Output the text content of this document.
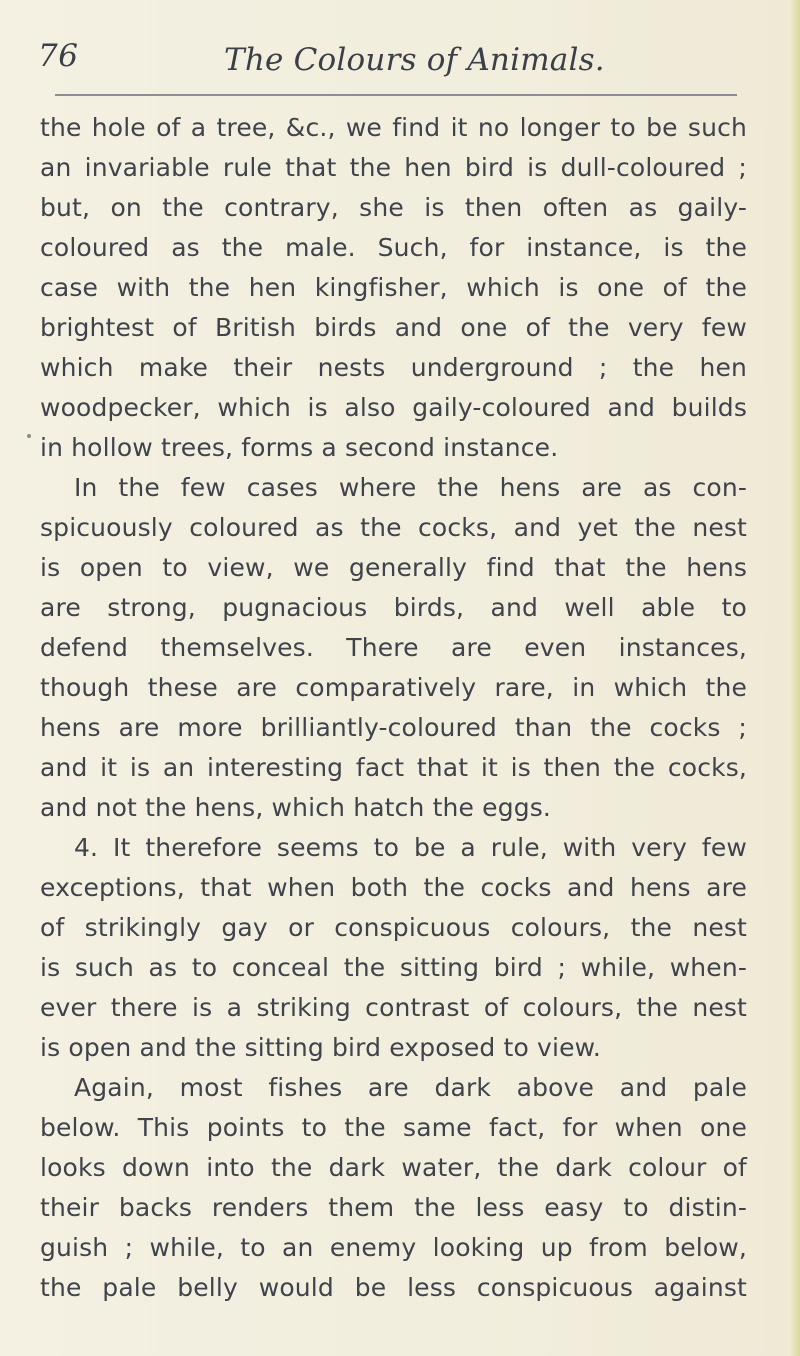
76	The Colours of Animals.
the hole of a tree, &c., we find it no longer to be such
an invariable rule that the hen bird is dull-coloured ;
but, on the contrary, she is then often as gaily-
coloured as the male. Such, for instance, is the
case with the hen kingfisher, which is one of the
brightest of British birds and one of the very few
which make their nests underground ; the hen
woodpecker, which is also gaily-coloured and builds
in hollow trees, forms a second instance.
In the few cases where the hens are as con-
spicuously coloured as the cocks, and yet the nest
is open to view, we generally find that the hens
are strong, pugnacious birds, and well able to
defend themselves. There are even instances,
though these are comparatively rare, in which the
hens are more brilliantly-coloured than the cocks ;
and it is an interesting fact that it is then the cocks,
and not the hens, which hatch the eggs.
4. It therefore seems to be a rule, with very few
exceptions, that when both the cocks and hens are
of strikingly gay or conspicuous colours, the nest
is such as to conceal the sitting bird ; while, when-
ever there is a striking contrast of colours, the nest
is open and the sitting bird exposed to view.
Again, most fishes are dark above and pale
below. This points to the same fact, for when one
looks down into the dark water, the dark colour of
their backs renders them the less easy to distin-
guish ; while, to an enemy looking up from below,
the pale belly would be less conspicuous against
